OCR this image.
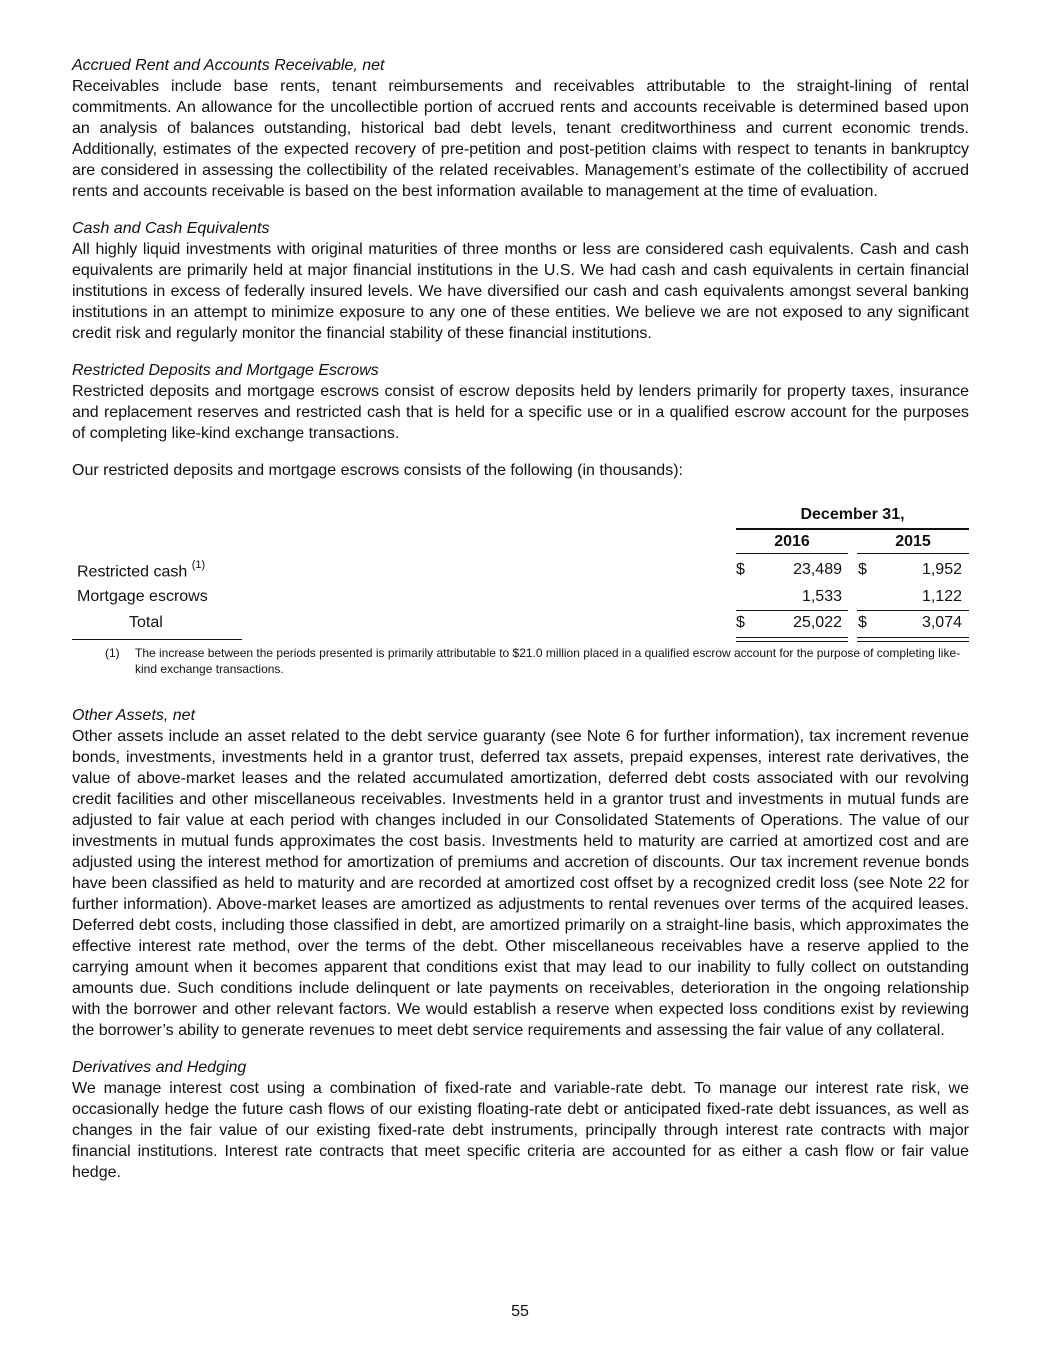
Accrued Rent and Accounts Receivable, net

Receivables include base rents, tenant reimbursements and receivables attributable to the straight-lining of rental commitments. An allowance for the uncollectible portion of accrued rents and accounts receivable is determined based upon an analysis of balances outstanding, historical bad debt levels, tenant creditworthiness and current economic trends. Additionally, estimates of the expected recovery of pre-petition and post-petition claims with respect to tenants in bankruptcy are considered in assessing the collectibility of the related receivables. Management’s estimate of the collectibility of accrued rents and accounts receivable is based on the best information available to management at the time of evaluation.

Cash and Cash Equivalents

All highly liquid investments with original maturities of three months or less are considered cash equivalents. Cash and cash equivalents are primarily held at major financial institutions in the U.S. We had cash and cash equivalents in certain financial institutions in excess of federally insured levels. We have diversified our cash and cash equivalents amongst several banking institutions in an attempt to minimize exposure to any one of these entities. We believe we are not exposed to any significant credit risk and regularly monitor the financial stability of these financial institutions.

Restricted Deposits and Mortgage Escrows

Restricted deposits and mortgage escrows consist of escrow deposits held by lenders primarily for property taxes, insurance and replacement reserves and restricted cash that is held for a specific use or in a qualified escrow account for the purposes of completing like-kind exchange transactions.

Our restricted deposits and mortgage escrows consists of the following (in thousands):

December 31,
2016	2015
Restricted cash $^{(1)}$	$	23,489 $	1,952
Mortgage escrows	1,533	1,122
Total	$	25,022 $	3,074
(1) The increase between the periods presented is primarily attributable to $21.0 million placed in a qualified escrow account for the purpose of completing like-kind exchange transactions.
Other Assets, net

Other assets include an asset related to the debt service guaranty (see Note 6 for further information), tax increment revenue bonds, investments, investments held in a grantor trust, deferred tax assets, prepaid expenses, interest rate derivatives, the value of above-market leases and the related accumulated amortization, deferred debt costs associated with our revolving credit facilities and other miscellaneous receivables. Investments held in a grantor trust and investments in mutual funds are adjusted to fair value at each period with changes included in our Consolidated Statements of Operations. The value of our investments in mutual funds approximates the cost basis. Investments held to maturity are carried at amortized cost and are adjusted using the interest method for amortization of premiums and accretion of discounts. Our tax increment revenue bonds have been classified as held to maturity and are recorded at amortized cost offset by a recognized credit loss (see Note 22 for further information). Above-market leases are amortized as adjustments to rental revenues over terms of the acquired leases. Deferred debt costs, including those classified in debt, are amortized primarily on a straight-line basis, which approximates the effective interest rate method, over the terms of the debt. Other miscellaneous receivables have a reserve applied to the carrying amount when it becomes apparent that conditions exist that may lead to our inability to fully collect on outstanding amounts due. Such conditions include delinquent or late payments on receivables, deterioration in the ongoing relationship with the borrower and other relevant factors. We would establish a reserve when expected loss conditions exist by reviewing the borrower’s ability to generate revenues to meet debt service requirements and assessing the fair value of any collateral.

Derivatives and Hedging

We manage interest cost using a combination of fixed-rate and variable-rate debt. To manage our interest rate risk, we occasionally hedge the future cash flows of our existing floating-rate debt or anticipated fixed-rate debt issuances, as well as changes in the fair value of our existing fixed-rate debt instruments, principally through interest rate contracts with major financial institutions. Interest rate contracts that meet specific criteria are accounted for as either a cash flow or fair value hedge.

55
